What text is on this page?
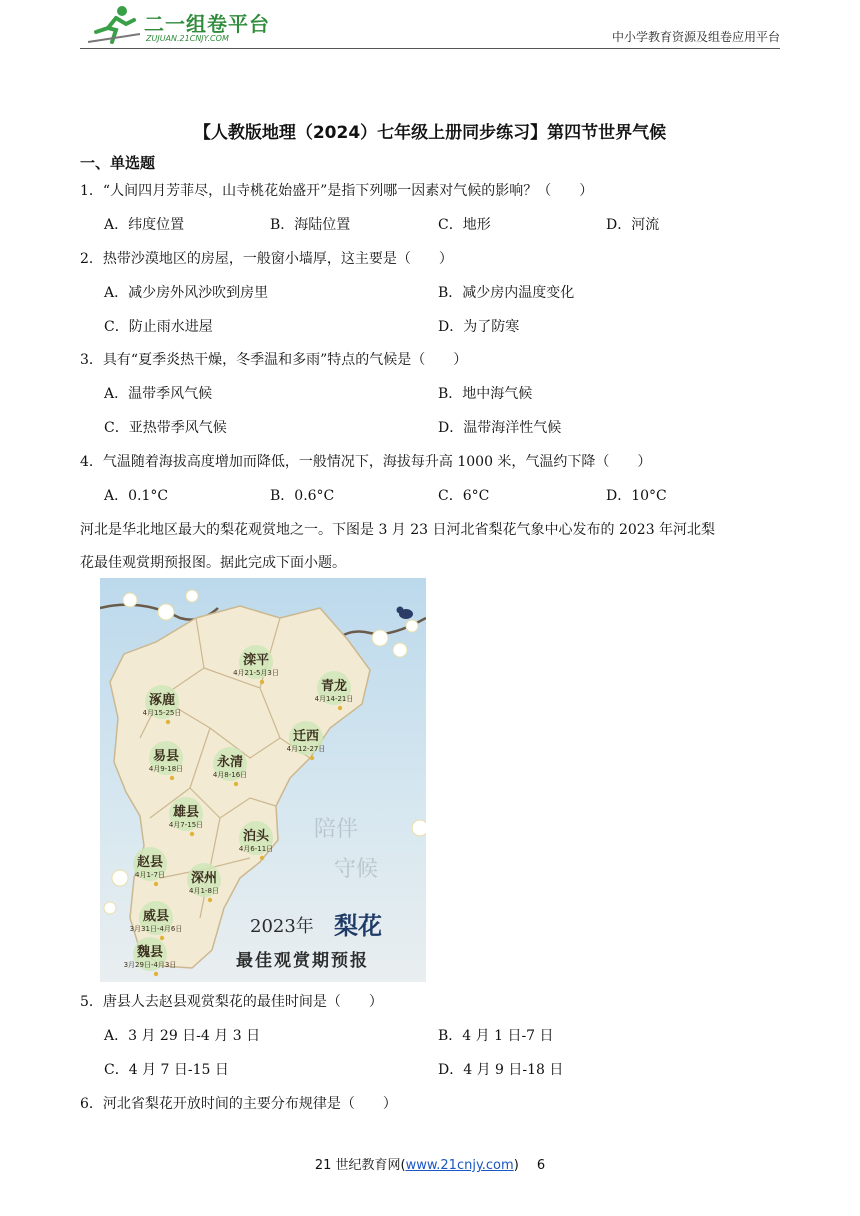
二一组卷平台
ZUJUAN.21CNJY.COM	中小学教育资源及组卷应用平台
【人教版地理（2024）七年级上册同步练习】第四节世界气候
一、单选题
1．“人间四月芳菲尽，山寺桃花始盛开”是指下列哪一因素对气候的影响？（　　）
A．纬度位置	B．海陆位置	C．地形	D．河流
2．热带沙漠地区的房屋，一般窗小墙厚，这主要是（　　）
A．减少房外风沙吹到房里	B．减少房内温度变化
C．防止雨水进屋	D．为了防寒
3．具有“夏季炎热干燥，冬季温和多雨”特点的气候是（　　）
A．温带季风气候	B．地中海气候
C．亚热带季风气候	D．温带海洋性气候
4．气温随着海拔高度增加而降低，一般情况下，海拔每升高 1000 米，气温约下降（　　）
A．0.1°C	B．0.6°C	C．6°C	D．10°C
河北是华北地区最大的梨花观赏地之一。下图是 3 月 23 日河北省梨花气象中心发布的 2023 年河北梨
花最佳观赏期预报图。据此完成下面小题。
滦平
4月21-5月3日
青龙
4月14-21日
涿鹿
4月15-25日
迁西
4月12-27日
易县
4月9-18日	永清
4月8-16日
雄县
4月7-15日
泊头
4月6-11日
赵县
4月1-7日 深州
4月1-8日
威县
3月31日-4月6日
魏县
3月29日-4月3日
陪伴
守候
2023年 梨花
最佳观赏期预报
5．唐县人去赵县观赏梨花的最佳时间是（　　）
A．3 月 29 日-4 月 3 日	B．4 月 1 日-7 日
C．4 月 7 日-15 日	D．4 月 9 日-18 日
6．河北省梨花开放时间的主要分布规律是（　　）
21 世纪教育网(www.21cnjy.com) 6
